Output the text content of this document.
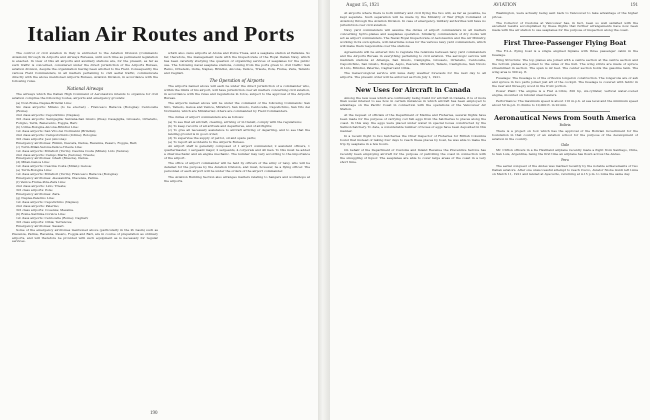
Italian Air Routes and Ports

The control of civil aviation in Italy is entrusted to the Aviation Division (Commando Aviazioni) through its Airports and Airways Bureaus, until such time as permanent legislation is enacted. In view of this all airports and auxiliary stations are, for the present, as far as such traffic is concerned, considered under the direct jurisdiction of the Airports Bureau, aviation division, despite the organization having been allotted to the Field. Consequently the various Field Commanders, in all matters pertaining to civil aerial traffic, communicate directly with the above mentioned Airports Bureau, Aviation Division, in accordance with the following rules.

National Airways

The airways which the Italian High Command of Aeronautics intends to organize for civil aviation comprise the following routes, airports and emergency grounds:

(a) Novi-Rome-Naples-Brindisi Line:

Six class airports: Milano (to be erected) - Francesco Baracca (Bologna); Centocelle (Rome);

2nd class airports: Capodichino (Naples);

3rd class airports: Senigaglia; Sarzana-San Giusto (Pisa); Casagiglia, Grosseto, Orbetello, Foligno, Terni, Benevento, Foggia, Bari;

(b) Udine-Bologna-Ancona-Brindisi Line:

1st class airports: San Vito dei Normanni (Brindisi);

2nd class airports: Campoformido (Udine); Bologna;

3rd class airports: Jesi (Ancona);

Emergency airdromes: Rimini, Pescara, Padua, Ravenna, Pesaro, Foggia, Bari;

(c) Turin-Milan-Verona-Venice-Trieste Line:

1st class airports: Mirafiori (Turin); Cascina Costa (Milan); Lido (Venice);

2nd class airports: Campo Marte (Verona); Trieste;

Emergency airdromes: Ghedi (Brescia), Padua.

(d) Milan-Genoa Line:

1st class airports: Cascina Costa (Milan); Genoa;

(e) Turin-Bologna Line:

1st class airports: Mirafiori (Turin); Francesco Baracca (Bologna);

Emergency airdromes: Alessandria, Piacenza, Parma.

(f) Venice-Fiume-Pola-Zara Line:

2nd class airports: Lido; Trieste;

3rd class airports: Pola;

Emergency airdromes: Zara.

(g) Naples-Palermo Line:

1st class airports: Capodichino (Naples);

2nd class airports: Palermo;

3rd class airports: Cosenza; Messina.

(h) Rome-Sardinia-Corsica Line:

1st class airports: Centocelle (Rome); Cagliari;

3rd class airports: Olbia; Terranova;

Emergency airdromes: Sassari.

Some of the emergency airdromes mentioned above (particularly in the Po basin) such as Piacenza, Parma, Ravenna, Pesaro, Foggia and Bari, are in course of preparation as ordinary airports, and will therefore be provided with such equipment as is necessary for regular services.

which also owns airports at Arona and Ponte Tresa, and a seaplane station at Pallanza. So far, therefore, the management rests with the Inspectorate of the Royal Italian Navy, which has been carefully studying the question of organizing services of seaplanes for the public use. The following naval seaplane stations, coming from the ports given to civil traffic: San Remo, Orbetello, Ostia, Naples, Brindisi, Ancona, Venice, Trieste, Pola, Fiume, Zara, Taranto and Cagliari.

The Operation of Airports

The airports named above will each be under the direct jurisdiction of a commander who, within the limits of his airport, will have jurisdiction over all matters concerning civil aviation, in accordance with the rules and regulations in force, subject to the approval of the Airports Bureau.

The airports named above will be under the command of the following Commands: San Siro, Taliedo, Genoa and Venice, Mirafiori, San Giusto, Centocelle, Capodichino, San Vito dei Normanni, which are Ministerial; others are commanded by Field Commanders.

The duties of airport commanders are as follows:

(a) To see that all aircraft, clearing, arriving or in transit, comply with the regulations;

(b) To keep records of all arrivals and departures, and of all flights;

(c) To give all necessary assistance to aircraft arriving or departing, and to see that the landing ground is in good order;

(d) To supervise the supply of petrol, oil and spare parts;

(e) To report all accidents to the Airports Bureau.

An airport staff is generally composed of 1 airport commander, 2 assistant officers, 1 quartermaster, 1 sergeant major, 2 sergeants, 4 corporals and 40 men. To this must be added a chief mechanic and an engine mechanic. The number may vary according to the importance of the airport.

The office of airport commander will be held by officers of the army or navy, who will be detailed for the purpose by the Aviation Division, and must, however, be a flying officer. The personnel of each airport will be under the orders of the airport commander.

The Aviation Building Section also arranges matters relating to hangars and workshops at the airports.

190
August 15, 1921	AVIATION	191

At airports where there is both military and civil flying the two will, as far as possible, be kept separate. Such separation will be made by the Ministry of War (High Command of Aviation) through the Aviation Division. In case of emergency, military authorities will have no jurisdiction over civil aviation.

Navy yard commanders will assume the duties of airport commanders in all matters concerning hydro-planes and seaplanes operation. Similarly, commanders of dry docks will act as airport commanders. The Naval Royal Inspectorate of Aeronautics and the Air Ministry, working in its own sphere, will determine zones for the various navy yard commanders, which will make them responsible over the stations.

Agreements will be entered into to regulate the relations between navy yard commanders and the Airports Bureau in everything pertaining to civil aviation. The aerologic service will maintain stations at Albenga, San Giusto, Campiglia, Grosseto, Orbetello, Centocelle, Capodichino, San Giusto, Bologna, Aspio, Pescara, Mirafiori, Taliedo, Castiglione, San Nicolo di Lido, Brindisi, Palermo, Cagliari and Olbia.

The meteorological service will issue daily weather forecasts for the next day to all airports. The present order will be enforced as from July 1, 1921.

New Uses for Aircraft in Canada

Among the new uses which are continually being found for aircraft in Canada, it is of more than usual interest to see how in certain instances in which aircraft has been employed to advantage on the Pacific Coast in connection with the operations of the Vancouver Air Station.

At the request of officials of the Department of Marine and Fisheries, several flights have been made for the purpose of carrying cod fish eggs from the hatcheries to places along the coast. In this way, the eggs were placed under water in special boxes constructed by the Salmon hatchery. To date, a considerable number of boxes of eggs have been deposited in this manner.

In a recent flight to two hatcheries the Chief Inspector of Fisheries for British Columbia found that instead of taking four days to reach these places by boat, he was able to make the trip by seaplane in a few hours.

On behalf of the Department of Customs and Inland Revenue the Preventive Service has recently been employing aircraft for the purpose of patrolling the coast in connection with the smuggling of liquor. The seaplanes are able to cover large areas of the coast in a very short time.

Washington, were actually being sent back to Vancouver to take advantage of the higher prices.

The Collector of Customs at Vancouver has, in fact, been so well satisfied with the excellent results accomplished by these flights that further arrangements have now been made with the air station to use seaplanes for the purpose of inspection along the coast.

First Three-Passenger Flying Boat

The F.2.A. flying boat is a single engined biplane with three passenger cabin in the fuselage.

Wing Structure: The top planes are joined with a centre section at the centre section and the bottom planes are joined to the sides of the hull. The wing struts are made of spruce streamlined in section. The span is 42 feet. The center section holds the gasoline tank. The wing area is 300 sq. ft.

Fuselage: The fuselage is of the orthodox longeron construction. The longerons are of ash and spruce in two parts joined just aft of the cockpit. The fuselage is covered with fabric in the rear and three-ply wood in the front portion.

Power Plant: The engine is a Fiat A.12bis, 300 hp, six-cylinder, vertical water-cooled engine, mounted on tubular steel bearers.

Performance: The maximum speed is about 110 m.p.h. at sea level and the minimum speed about 50 m.p.h. It climbs to 10,000 ft. in 20 min.

Aeronautical News from South America

Bolivia

There is a project on foot which has the approval of the Bolivian Government for the foundation in that country of an aviation school for the purpose of the development of aviation in the country.

Chile

Mr. Clifton officers in a De Havilland airplane recently made a flight from Santiago, Chile, to San Luis, Argentina, being the first time an airplane has flown across the Andes.

Peru

The aerial conquest of the Andes was marked recently by the notable achievements of two Italian aviators. After one unsuccessful attempt to reach Cuzco, Aviator Niobe Guidi left Lima on March 11, 1921 and landed at Ayacucho, returning at 4.15 p.m. to Lima the same day.
